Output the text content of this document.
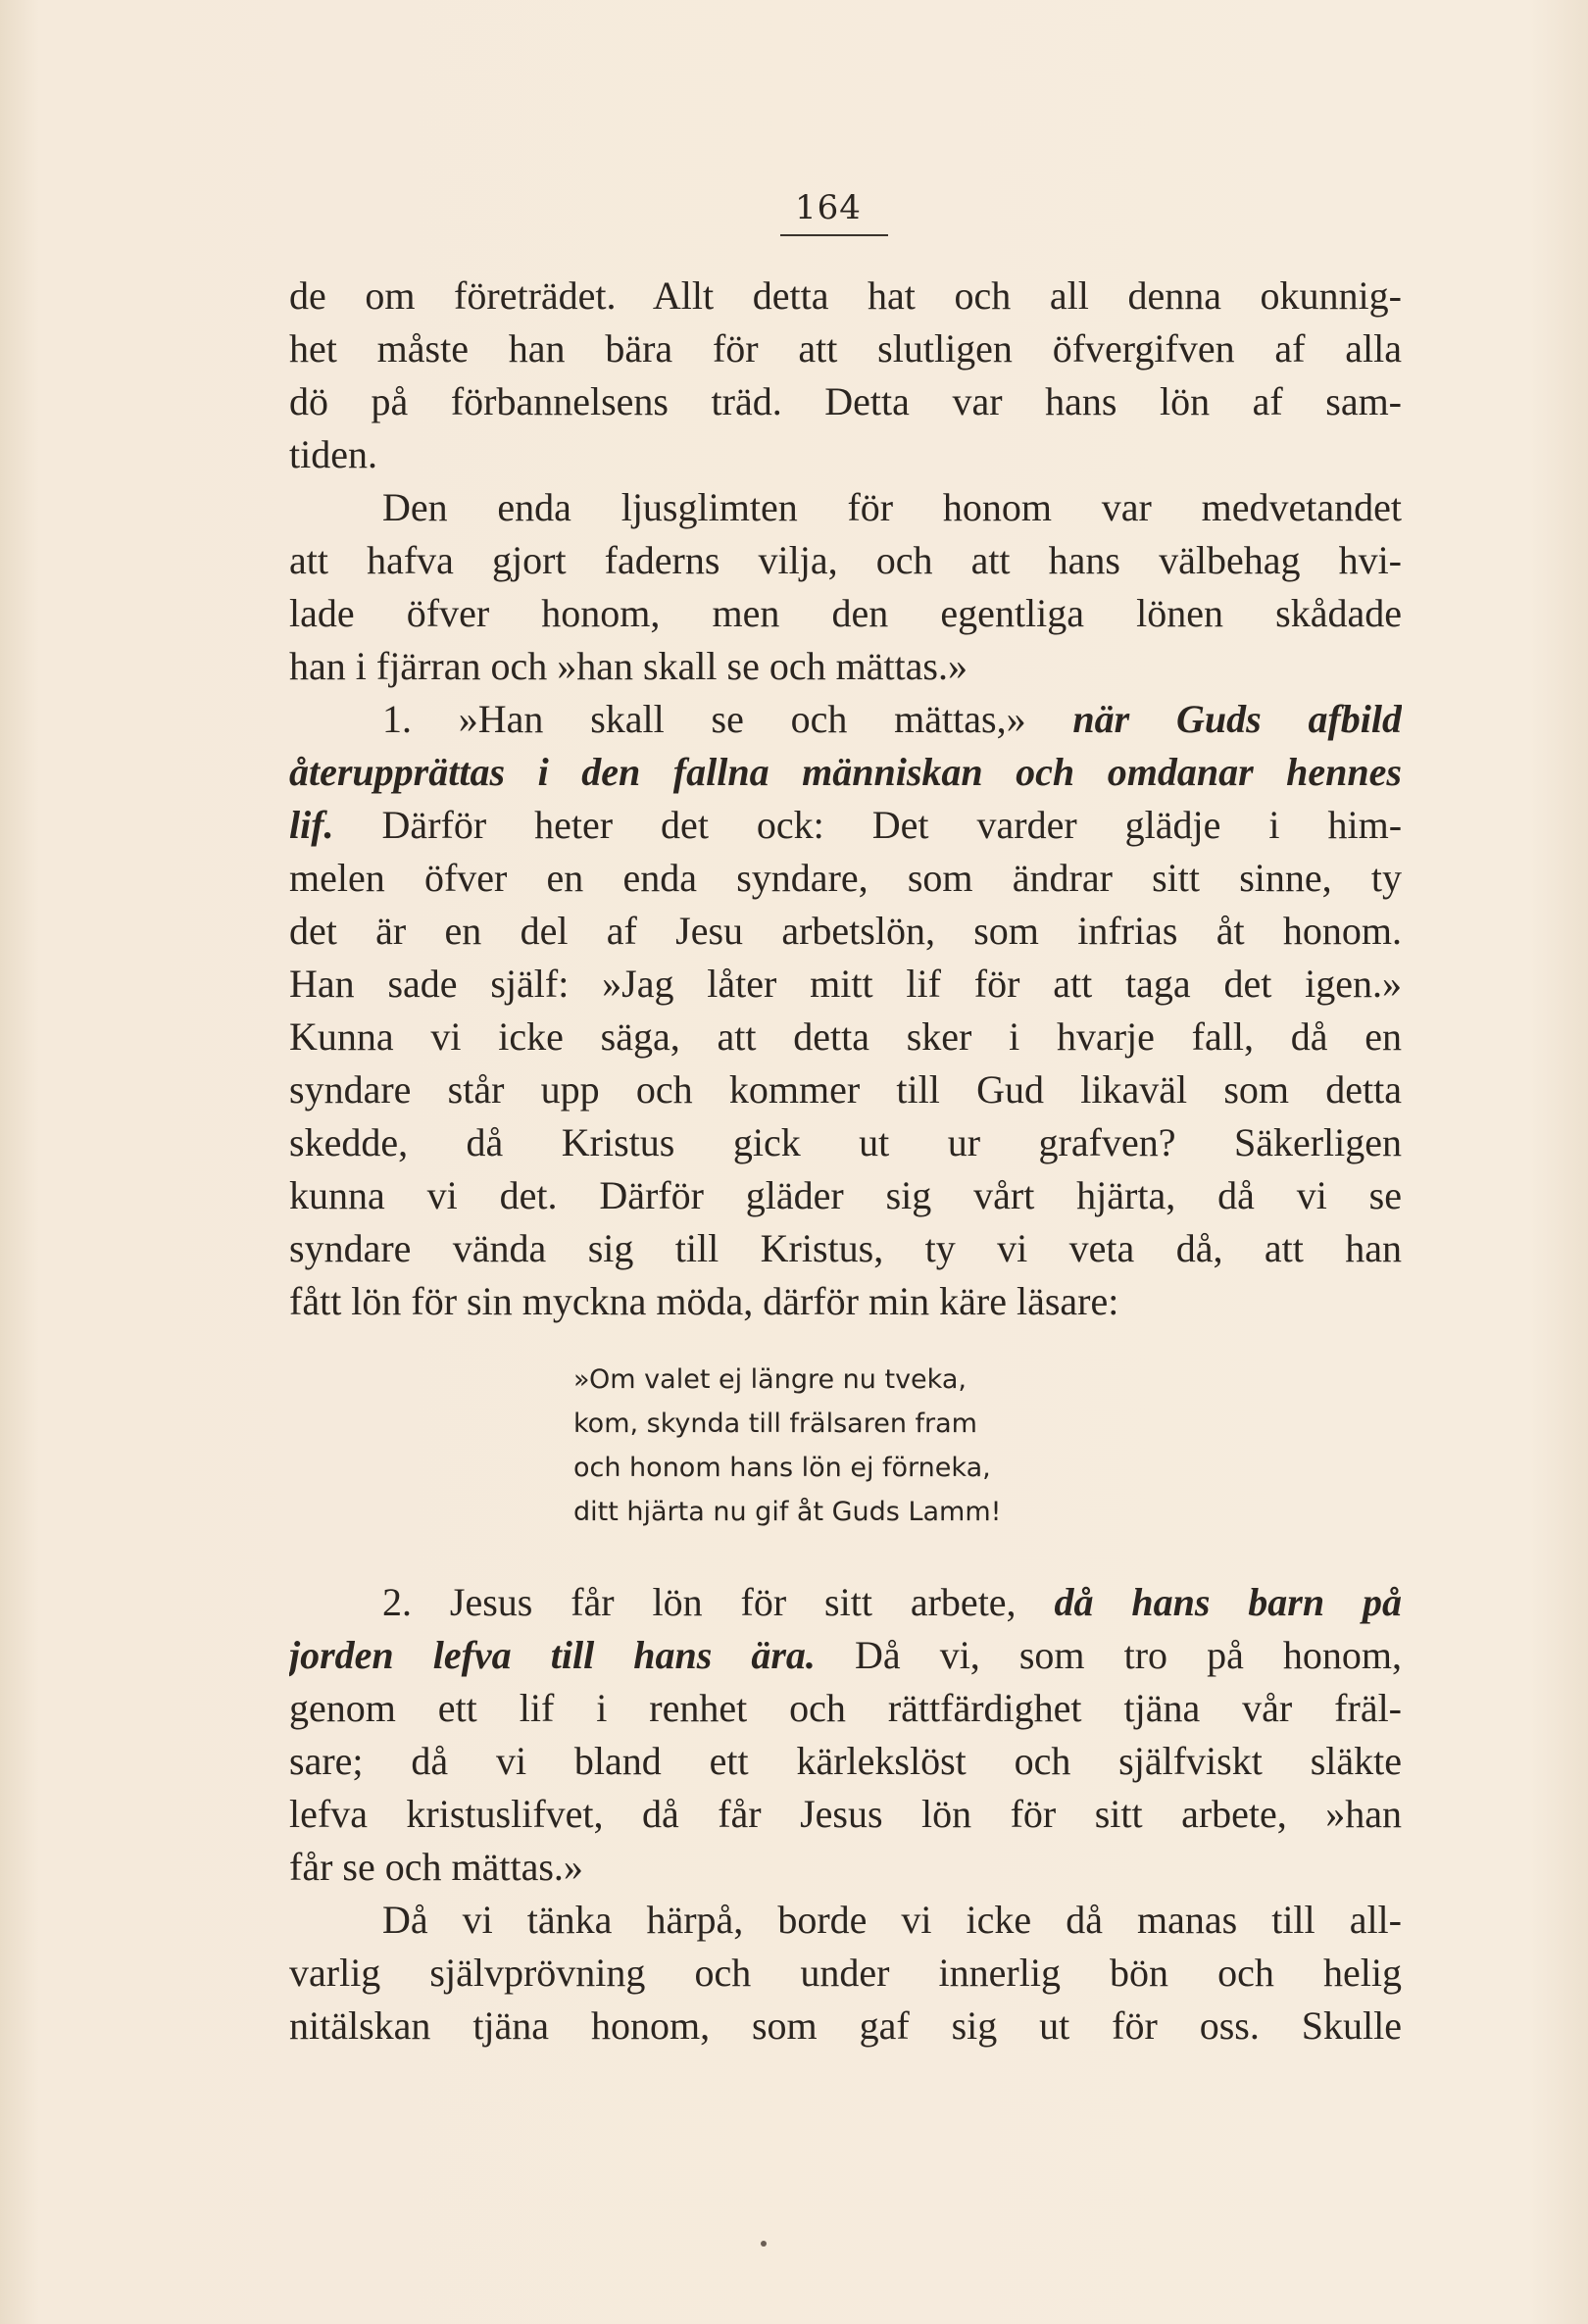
164
de om företrädet. Allt detta hat och all denna okunnig-
het måste han bära för att slutligen öfvergifven af alla
dö på förbannelsens träd. Detta var hans lön af sam-
tiden.
Den enda ljusglimten för honom var medvetandet
att hafva gjort faderns vilja, och att hans välbehag hvi-
lade öfver honom, men den egentliga lönen skådade
han i fjärran och »han skall se och mättas.»
1. »Han skall se och mättas,» när Guds afbild
återupprättas i den fallna människan och omdanar hennes
lif. Därför heter det ock: Det varder glädje i him-
melen öfver en enda syndare, som ändrar sitt sinne, ty
det är en del af Jesu arbetslön, som infrias åt honom.
Han sade själf: »Jag låter mitt lif för att taga det igen.»
Kunna vi icke säga, att detta sker i hvarje fall, då en
syndare står upp och kommer till Gud likaväl som detta
skedde, då Kristus gick ut ur grafven? Säkerligen
kunna vi det. Därför gläder sig vårt hjärta, då vi se
syndare vända sig till Kristus, ty vi veta då, att han
fått lön för sin myckna möda, därför min käre läsare:
»Om valet ej längre nu tveka,
kom, skynda till frälsaren fram
och honom hans lön ej förneka,
ditt hjärta nu gif åt Guds Lamm!
2. Jesus får lön för sitt arbete, då hans barn på
jorden lefva till hans ära. Då vi, som tro på honom,
genom ett lif i renhet och rättfärdighet tjäna vår fräl-
sare; då vi bland ett kärlekslöst och själfviskt släkte
lefva kristuslifvet, då får Jesus lön för sitt arbete, »han
får se och mättas.»
Då vi tänka härpå, borde vi icke då manas till all-
varlig självprövning och under innerlig bön och helig
nitälskan tjäna honom, som gaf sig ut för oss. Skulle
